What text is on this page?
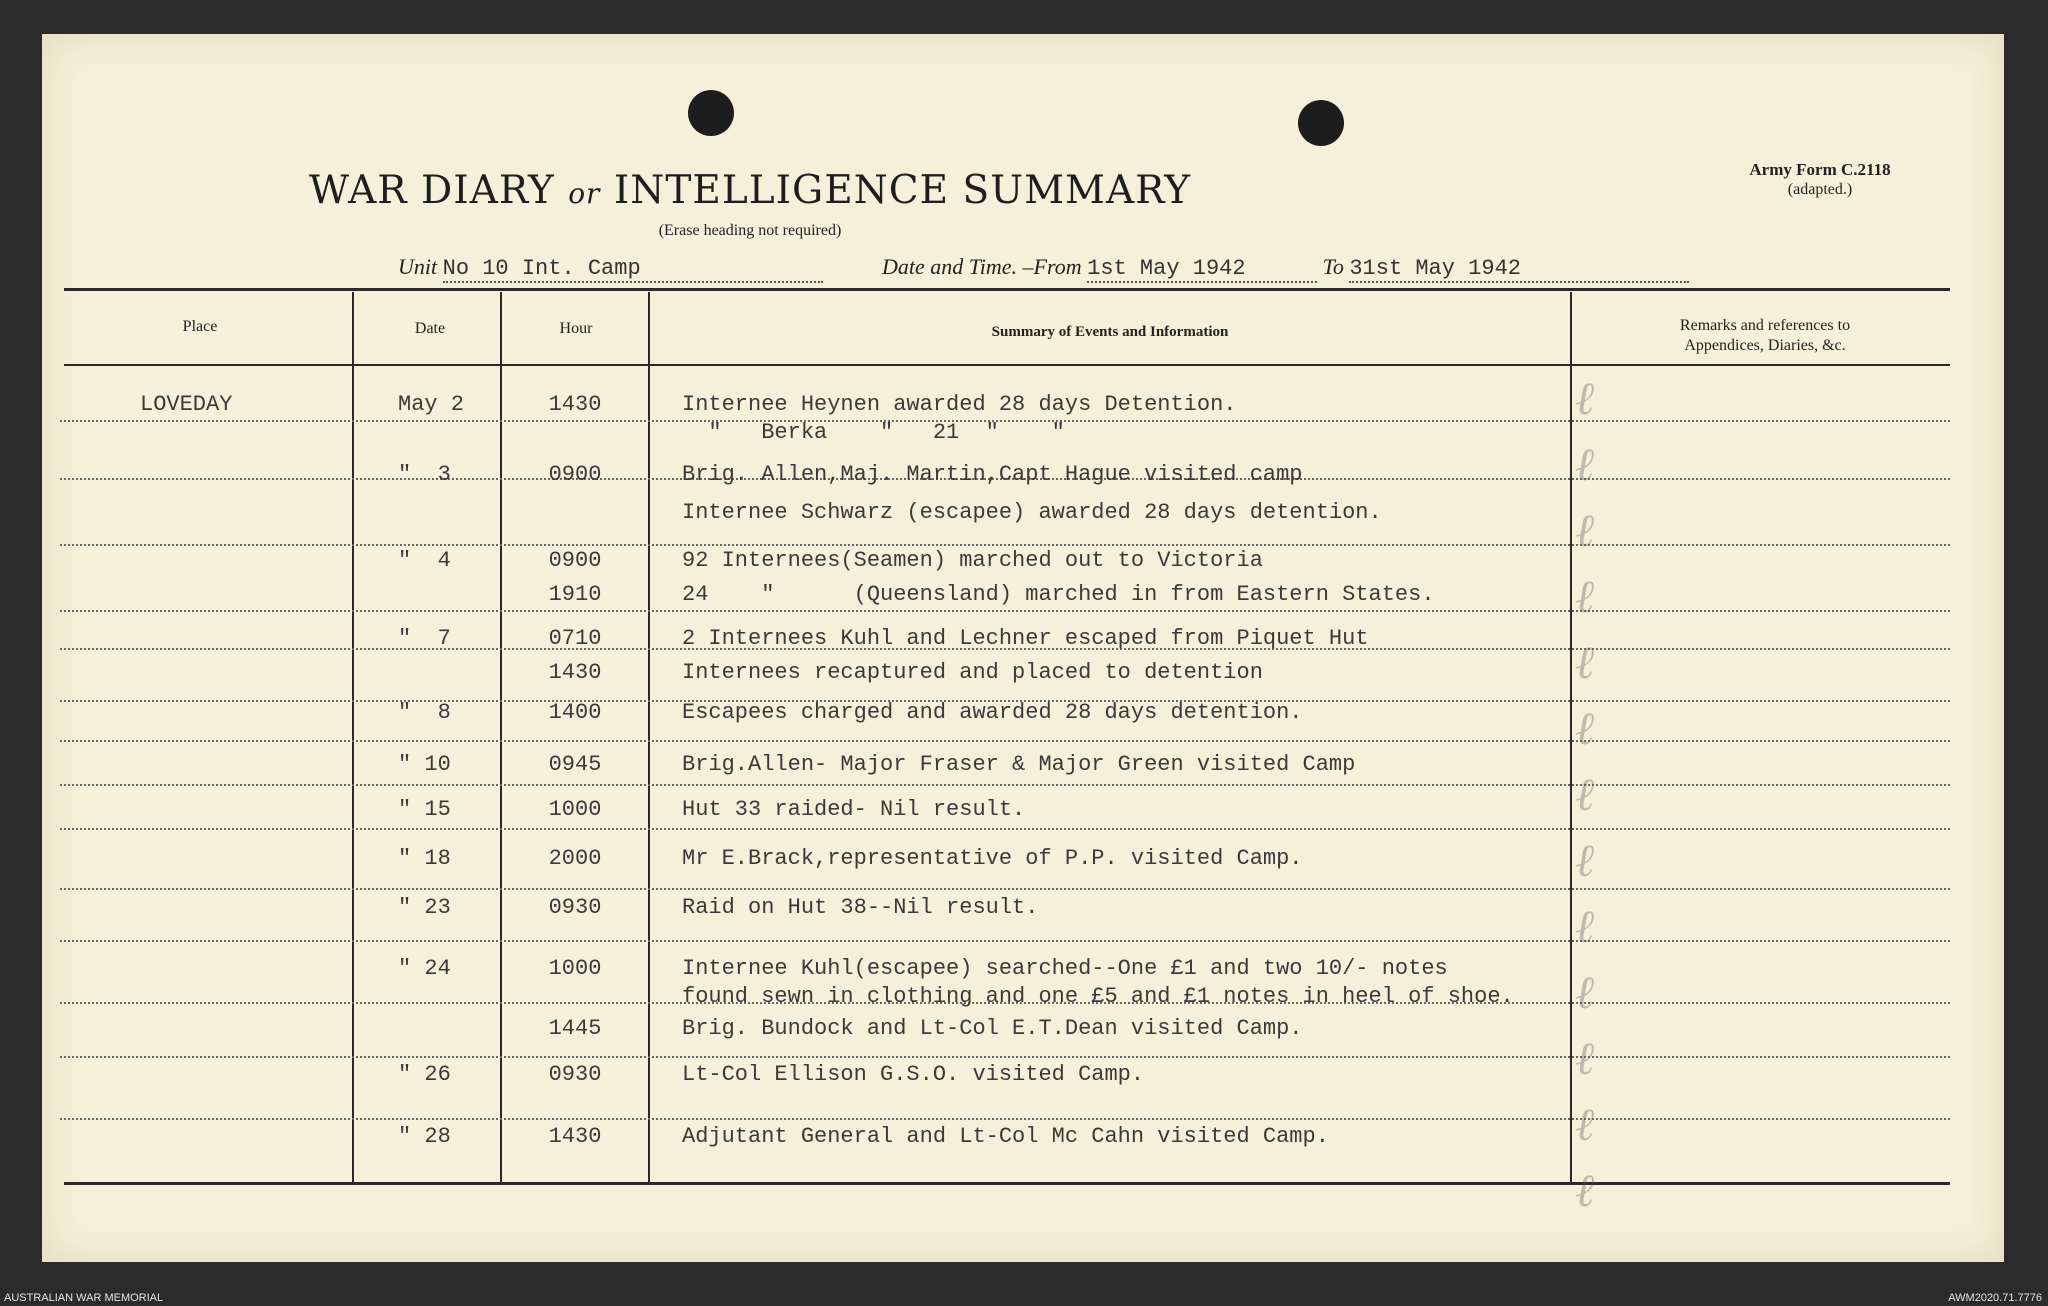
WAR DIARY or INTELLIGENCE SUMMARY
(Erase heading not required)
Army Form C.2118
(adapted.)
Unit No 10 Int. Camp	Date and Time. –From 1st May 1942	To 31st May 1942
Place	Date	Hour	Summary of Events and Information	Remarks and references to
Appendices, Diaries, &c.
ℓ
ℓ
ℓ
ℓ
ℓ
ℓ
ℓ
ℓ
ℓ
ℓ
ℓ
ℓ
ℓ
LOVEDAY	May 2	1430	Internee Heynen awarded 28 days Detention.
"   Berka    "   21  "    "
"  3	0900	Brig. Allen,Maj. Martin,Capt Hague visited camp
Internee Schwarz (escapee) awarded 28 days detention.
"  4	0900	92 Internees(Seamen) marched out to Victoria
1910	24    "      (Queensland) marched in from Eastern States.
"  7	0710	2 Internees Kuhl and Lechner escaped from Piquet Hut
1430	Internees recaptured and placed to detention
"  8	1400	Escapees charged and awarded 28 days detention.
" 10	0945	Brig.Allen- Major Fraser & Major Green visited Camp
" 15	1000	Hut 33 raided- Nil result.
" 18	2000	Mr E.Brack,representative of P.P. visited Camp.
" 23	0930	Raid on Hut 38--Nil result.
" 24	1000	Internee Kuhl(escapee) searched--One £1 and two 10/- notes
found sewn in clothing and one £5 and £1 notes in heel of shoe.
1445	Brig. Bundock and Lt-Col E.T.Dean visited Camp.
" 26	0930	Lt-Col Ellison G.S.O. visited Camp.
" 28	1430	Adjutant General and Lt-Col Mc Cahn visited Camp.
AUSTRALIAN WAR MEMORIAL	AWM2020.71.7776
